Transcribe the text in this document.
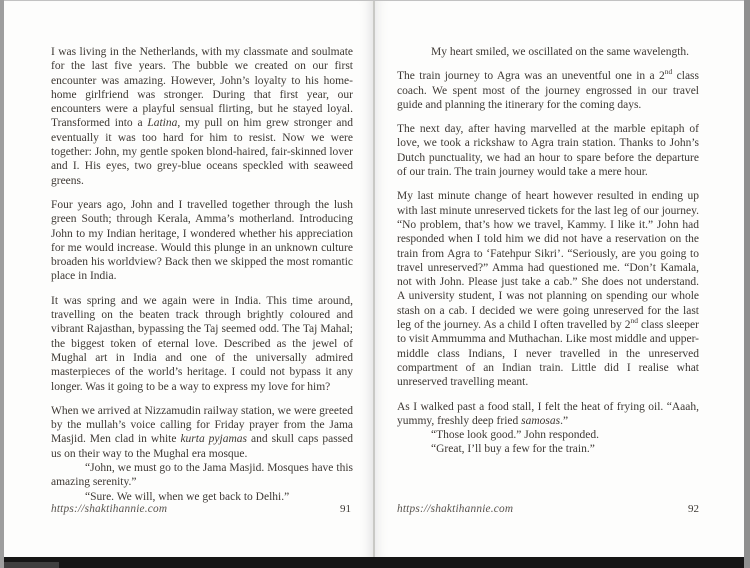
I was living in the Netherlands, with my classmate and soulmate for the last five years. The bubble we created on our first encounter was amazing. However, John’s loyalty to his home-home girlfriend was stronger. During that first year, our encounters were a playful sensual flirting, but he stayed loyal. Transformed into a Latina, my pull on him grew stronger and eventually it was too hard for him to resist. Now we were together: John, my gentle spoken blond-haired, fair-skinned lover and I. His eyes, two grey-blue oceans speckled with seaweed greens.

Four years ago, John and I travelled together through the lush green South; through Kerala, Amma’s motherland. Introducing John to my Indian heritage, I wondered whether his appreciation for me would increase. Would this plunge in an unknown culture broaden his worldview? Back then we skipped the most romantic place in India.

It was spring and we again were in India. This time around, travelling on the beaten track through brightly coloured and vibrant Rajasthan, bypassing the Taj seemed odd. The Taj Mahal; the biggest token of eternal love. Described as the jewel of Mughal art in India and one of the universally admired masterpieces of the world’s heritage. I could not bypass it any longer. Was it going to be a way to express my love for him?

When we arrived at Nizzamudin railway station, we were greeted by the mullah’s voice calling for Friday prayer from the Jama Masjid. Men clad in white kurta pyjamas and skull caps passed us on their way to the Mughal era mosque.

“John, we must go to the Jama Masjid. Mosques have this amazing serenity.”

“Sure. We will, when we get back to Delhi.”

https://shaktihannie.com	91

My heart smiled, we oscillated on the same wavelength.

The train journey to Agra was an uneventful one in a 2nd class coach. We spent most of the journey engrossed in our travel guide and planning the itinerary for the coming days.

The next day, after having marvelled at the marble epitaph of love, we took a rickshaw to Agra train station. Thanks to John’s Dutch punctuality, we had an hour to spare before the departure of our train. The train journey would take a mere hour.

My last minute change of heart however resulted in ending up with last minute unreserved tickets for the last leg of our journey. “No problem, that’s how we travel, Kammy. I like it.” John had responded when I told him we did not have a reservation on the train from Agra to ‘Fatehpur Sikri’. “Seriously, are you going to travel unreserved?” Amma had questioned me. “Don’t Kamala, not with John. Please just take a cab.” She does not understand. A university student, I was not planning on spending our whole stash on a cab. I decided we were going unreserved for the last leg of the journey. As a child I often travelled by 2nd class sleeper to visit Ammumma and Muthachan. Like most middle and upper-middle class Indians, I never travelled in the unreserved compartment of an Indian train. Little did I realise what unreserved travelling meant.

As I walked past a food stall, I felt the heat of frying oil. “Aaah, yummy, freshly deep fried samosas.”

“Those look good.” John responded.

“Great, I’ll buy a few for the train.”

https://shaktihannie.com	92
